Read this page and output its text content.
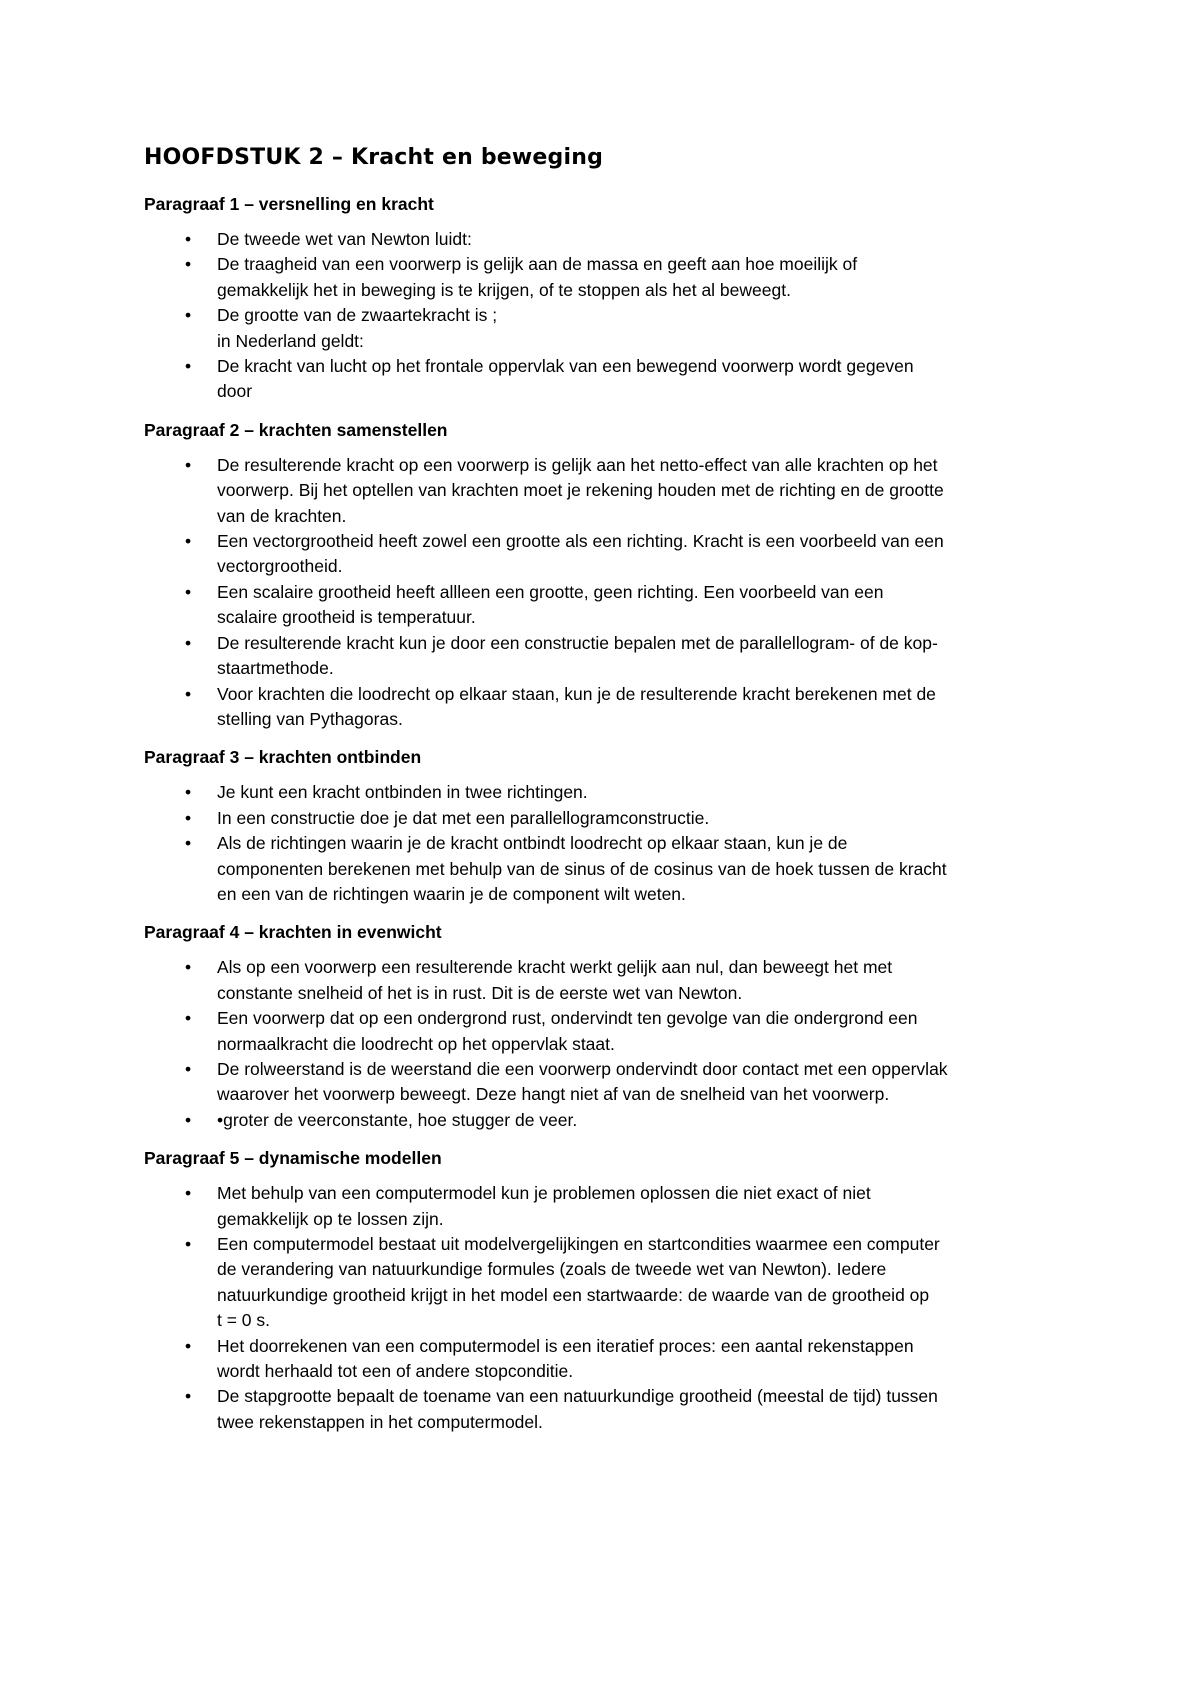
HOOFDSTUK 2 – Kracht en beweging
Paragraaf 1 – versnelling en kracht
• De tweede wet van Newton luidt:
• De traagheid van een voorwerp is gelijk aan de massa en geeft aan hoe moeilijk of
gemakkelijk het in beweging is te krijgen, of te stoppen als het al beweegt.
• De grootte van de zwaartekracht is ;
in Nederland geldt:
• De kracht van lucht op het frontale oppervlak van een bewegend voorwerp wordt gegeven
door
Paragraaf 2 – krachten samenstellen
• De resulterende kracht op een voorwerp is gelijk aan het netto-effect van alle krachten op het
voorwerp. Bij het optellen van krachten moet je rekening houden met de richting en de grootte
van de krachten.
• Een vectorgrootheid heeft zowel een grootte als een richting. Kracht is een voorbeeld van een
vectorgrootheid.
• Een scalaire grootheid heeft allleen een grootte, geen richting. Een voorbeeld van een
scalaire grootheid is temperatuur.
• De resulterende kracht kun je door een constructie bepalen met de parallellogram- of de kop-
staartmethode.
• Voor krachten die loodrecht op elkaar staan, kun je de resulterende kracht berekenen met de
stelling van Pythagoras.
Paragraaf 3 – krachten ontbinden
• Je kunt een kracht ontbinden in twee richtingen.
• In een constructie doe je dat met een parallellogramconstructie.
• Als de richtingen waarin je de kracht ontbindt loodrecht op elkaar staan, kun je de
componenten berekenen met behulp van de sinus of de cosinus van de hoek tussen de kracht
en een van de richtingen waarin je de component wilt weten.
Paragraaf 4 – krachten in evenwicht
• Als op een voorwerp een resulterende kracht werkt gelijk aan nul, dan beweegt het met
constante snelheid of het is in rust. Dit is de eerste wet van Newton.
• Een voorwerp dat op een ondergrond rust, ondervindt ten gevolge van die ondergrond een
normaalkracht die loodrecht op het oppervlak staat.
• De rolweerstand is de weerstand die een voorwerp ondervindt door contact met een oppervlak
waarover het voorwerp beweegt. Deze hangt niet af van de snelheid van het voorwerp.
• •groter de veerconstante, hoe stugger de veer.
Paragraaf 5 – dynamische modellen
• Met behulp van een computermodel kun je problemen oplossen die niet exact of niet
gemakkelijk op te lossen zijn.
• Een computermodel bestaat uit modelvergelijkingen en startcondities waarmee een computer
de verandering van natuurkundige formules (zoals de tweede wet van Newton). Iedere
natuurkundige grootheid krijgt in het model een startwaarde: de waarde van de grootheid op
t = 0 s.
• Het doorrekenen van een computermodel is een iteratief proces: een aantal rekenstappen
wordt herhaald tot een of andere stopconditie.
• De stapgrootte bepaalt de toename van een natuurkundige grootheid (meestal de tijd) tussen
twee rekenstappen in het computermodel.
